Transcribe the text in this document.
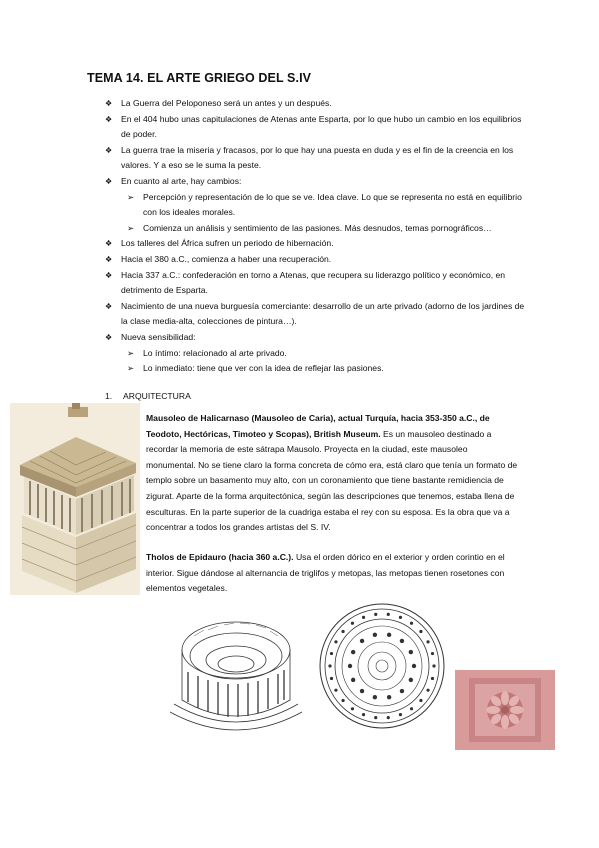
TEMA 14. EL ARTE GRIEGO DEL S.IV
❖ La Guerra del Peloponeso será un antes y un después.
❖ En el 404 hubo unas capitulaciones de Atenas ante Esparta, por lo que hubo un cambio en los equilibrios de poder.
❖ La guerra trae la miseria y fracasos, por lo que hay una puesta en duda y es el fin de la creencia en los valores. Y a eso se le suma la peste.
❖ En cuanto al arte, hay cambios:
➢ Percepción y representación de lo que se ve. Idea clave. Lo que se representa no está en equilibrio con los ideales morales.
➢ Comienza un análisis y sentimiento de las pasiones. Más desnudos, temas pornográficos…
❖ Los talleres del África sufren un periodo de hibernación.
❖ Hacia el 380 a.C., comienza a haber una recuperación.
❖ Hacia 337 a.C.: confederación en torno a Atenas, que recupera su liderazgo político y económico, en detrimento de Esparta.
❖ Nacimiento de una nueva burguesía comerciante: desarrollo de un arte privado (adorno de los jardines de la clase media-alta, colecciones de pintura…).
❖ Nueva sensibilidad:
➢ Lo íntimo: relacionado al arte privado.
➢ Lo inmediato: tiene que ver con la idea de reflejar las pasiones.
1. ARQUITECTURA
Mausoleo de Halicarnaso (Mausoleo de Caria), actual Turquía, hacia 353-350 a.C., de Teodoto, Hectóricas, Timoteo y Scopas), British Museum. Es un mausoleo destinado a recordar la memoria de este sátrapa Mausolo. Proyecta en la ciudad, este mausoleo monumental. No se tiene claro la forma concreta de cómo era, está claro que tenía un formato de templo sobre un basamento muy alto, con un coronamiento que tiene bastante remidiencia de zigurat. Aparte de la forma arquitectónica, según las descripciones que tenemos, estaba llena de esculturas. En la parte superior de la cuadriga estaba el rey con su esposa. Es la obra que va a concentrar a todos los grandes artistas del S. IV.
Tholos de Epidauro (hacia 360 a.C.). Usa el orden dórico en el exterior y orden corintio en el interior. Sigue dándose al alternancia de triglifos y metopas, las metopas tienen rosetones con elementos vegetales.
